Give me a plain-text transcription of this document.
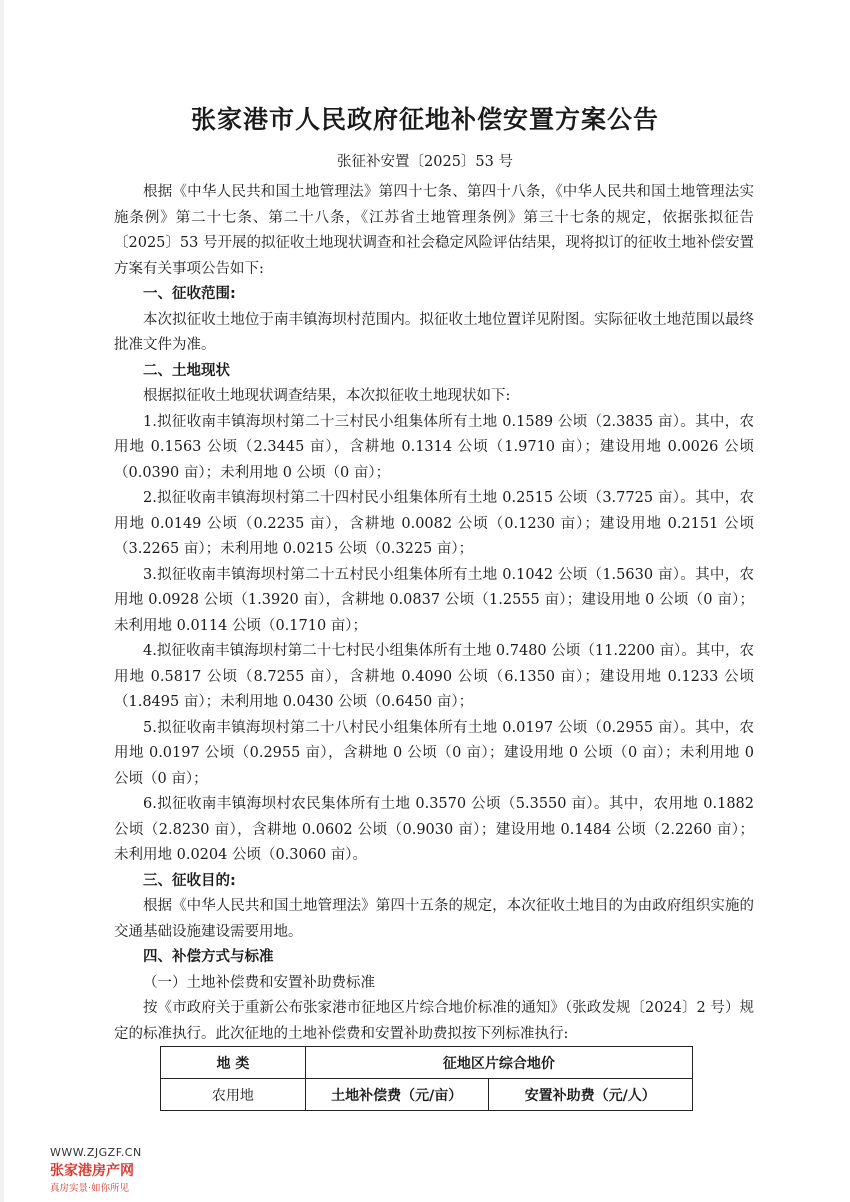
张家港市人民政府征地补偿安置方案公告
张征补安置〔2025〕53 号

根据《中华人民共和国土地管理法》第四十七条、第四十八条，《中华人民共和国土地管理法实施条例》第二十七条、第二十八条，《江苏省土地管理条例》第三十七条的规定，依据张拟征告〔2025〕53 号开展的拟征收土地现状调查和社会稳定风险评估结果，现将拟订的征收土地补偿安置方案有关事项公告如下:

一、征收范围:

本次拟征收土地位于南丰镇海坝村范围内。拟征收土地位置详见附图。实际征收土地范围以最终批准文件为准。

二、土地现状

根据拟征收土地现状调查结果，本次拟征收土地现状如下:

1.拟征收南丰镇海坝村第二十三村民小组集体所有土地 0.1589 公顷（2.3835 亩）。其中，农用地 0.1563 公顷（2.3445 亩），含耕地 0.1314 公顷（1.9710 亩）；建设用地 0.0026 公顷（0.0390 亩）；未利用地 0 公顷（0 亩）；

2.拟征收南丰镇海坝村第二十四村民小组集体所有土地 0.2515 公顷（3.7725 亩）。其中，农用地 0.0149 公顷（0.2235 亩），含耕地 0.0082 公顷（0.1230 亩）；建设用地 0.2151 公顷（3.2265 亩）；未利用地 0.0215 公顷（0.3225 亩）；

3.拟征收南丰镇海坝村第二十五村民小组集体所有土地 0.1042 公顷（1.5630 亩）。其中，农用地 0.0928 公顷（1.3920 亩），含耕地 0.0837 公顷（1.2555 亩）；建设用地 0 公顷（0 亩）；未利用地 0.0114 公顷（0.1710 亩）；

4.拟征收南丰镇海坝村第二十七村民小组集体所有土地 0.7480 公顷（11.2200 亩）。其中，农用地 0.5817 公顷（8.7255 亩），含耕地 0.4090 公顷（6.1350 亩）；建设用地 0.1233 公顷（1.8495 亩）；未利用地 0.0430 公顷（0.6450 亩）；

5.拟征收南丰镇海坝村第二十八村民小组集体所有土地 0.0197 公顷（0.2955 亩）。其中，农用地 0.0197 公顷（0.2955 亩），含耕地 0 公顷（0 亩）；建设用地 0 公顷（0 亩）；未利用地 0 公顷（0 亩）；

6.拟征收南丰镇海坝村农民集体所有土地 0.3570 公顷（5.3550 亩）。其中，农用地 0.1882 公顷（2.8230 亩），含耕地 0.0602 公顷（0.9030 亩）；建设用地 0.1484 公顷（2.2260 亩）；未利用地 0.0204 公顷（0.3060 亩）。

三、征收目的:

根据《中华人民共和国土地管理法》第四十五条的规定，本次征收土地目的为由政府组织实施的交通基础设施建设需要用地。

四、补偿方式与标准

（一）土地补偿费和安置补助费标准

按《市政府关于重新公布张家港市征地区片综合地价标准的通知》（张政发规〔2024〕2 号）规定的标准执行。此次征地的土地补偿费和安置补助费拟按下列标准执行:

地 类	征地区片综合地价	
农用地	土地补偿费（元/亩）	安置补助费（元/人）
WWW.ZJGZF.CN
张家港房产网
真房实景·如你所见
